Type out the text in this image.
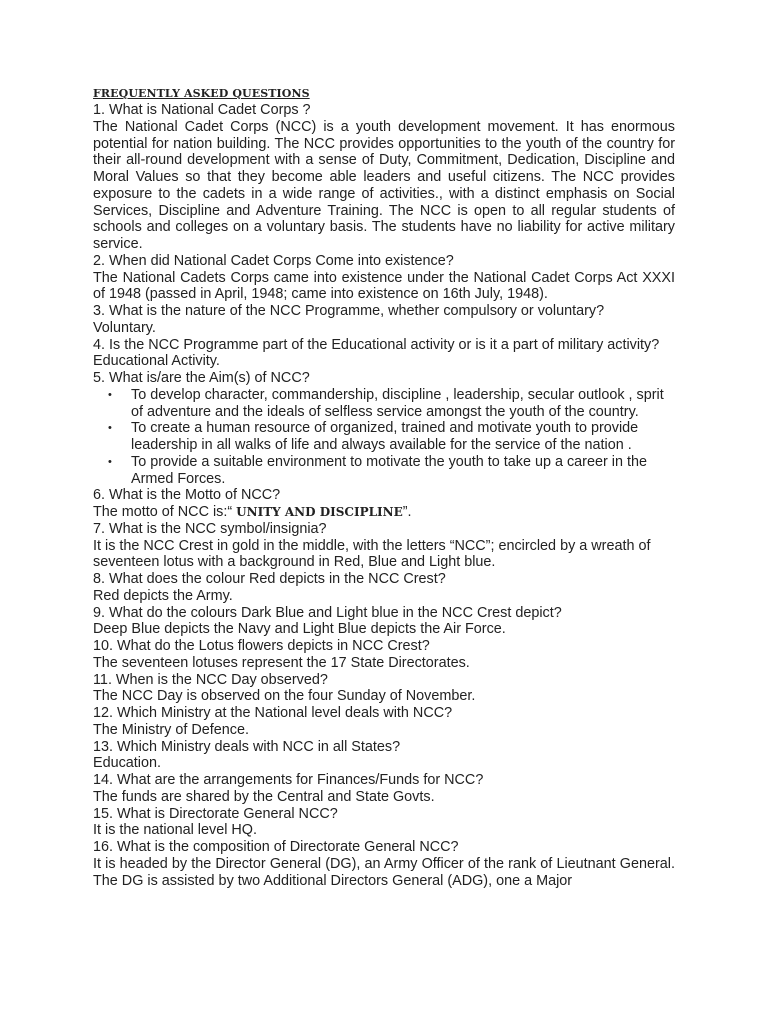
FREQUENTLY ASKED QUESTIONS

1. What is National Cadet Corps ?

The National Cadet Corps (NCC) is a youth development movement. It has enormous potential for nation building. The NCC provides opportunities to the youth of the country for their all-round development with a sense of Duty, Commitment, Dedication, Discipline and Moral Values so that they become able leaders and useful citizens. The NCC provides exposure to the cadets in a wide range of activities., with a distinct emphasis on Social Services, Discipline and Adventure Training. The NCC is open to all regular students of schools and colleges on a voluntary basis. The students have no liability for active military service.

2. When did National Cadet Corps Come into existence?

The National Cadets Corps came into existence under the National Cadet Corps Act XXXI of 1948 (passed in April, 1948; came into existence on 16th July, 1948).

3. What is the nature of the NCC Programme, whether compulsory or voluntary?

Voluntary.

4. Is the NCC Programme part of the Educational activity or is it a part of military activity?

Educational Activity.

5. What is/are the Aim(s) of NCC?

• To develop character, commandership, discipline , leadership, secular outlook , sprit of adventure and the ideals of selfless service amongst the youth of the country.
• To create a human resource of organized, trained and motivate youth to provide leadership in all walks of life and always available for the service of the nation .
• To provide a suitable environment to motivate the youth to take up a career in the Armed Forces.

6. What is the Motto of NCC?

The motto of NCC is:“ UNITY AND DISCIPLINE”.

7. What is the NCC symbol/insignia?

It is the NCC Crest in gold in the middle, with the letters “NCC”; encircled by a wreath of seventeen lotus with a background in Red, Blue and Light blue.

8. What does the colour Red depicts in the NCC Crest?

Red depicts the Army.

9. What do the colours Dark Blue and Light blue in the NCC Crest depict?

Deep Blue depicts the Navy and Light Blue depicts the Air Force.

10. What do the Lotus flowers depicts in NCC Crest?

The seventeen lotuses represent the 17 State Directorates.

11. When is the NCC Day observed?

The NCC Day is observed on the four Sunday of November.

12. Which Ministry at the National level deals with NCC?

The Ministry of Defence.

13. Which Ministry deals with NCC in all States?

Education.

14. What are the arrangements for Finances/Funds for NCC?

The funds are shared by the Central and State Govts.

15. What is Directorate General NCC?

It is the national level HQ.

16. What is the composition of Directorate General NCC?

It is headed by the Director General (DG), an Army Officer of the rank of Lieutnant General. The DG is assisted by two Additional Directors General (ADG), one a Major
